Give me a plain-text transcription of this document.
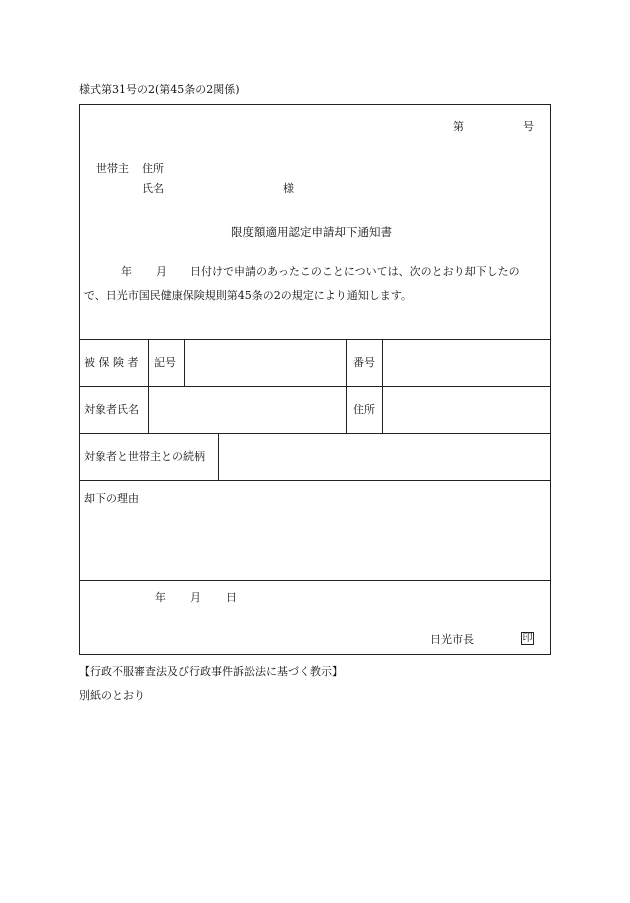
様式第31号の2(第45条の2関係)
第	号
世帯主 住所
氏名	様
限度額適用認定申請却下通知書
年 月 日付けで申請のあったこのことについては、次のとおり却下したの
で、日光市国民健康保険規則第45条の2の規定により通知します。
被 保 険 者 記号	番号
対象者氏名	住所
対象者と世帯主との続柄
却下の理由
年 月 日
日光市長	印
【行政不服審査法及び行政事件訴訟法に基づく教示】
別紙のとおり
